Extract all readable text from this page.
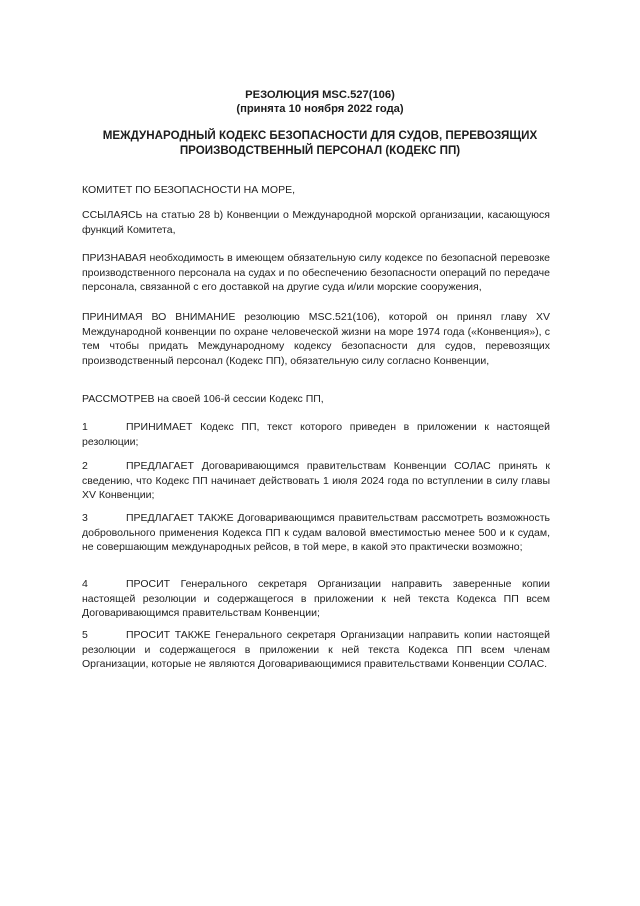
РЕЗОЛЮЦИЯ MSC.527(106)
(принята 10 ноября 2022 года)
МЕЖДУНАРОДНЫЙ КОДЕКС БЕЗОПАСНОСТИ ДЛЯ СУДОВ, ПЕРЕВОЗЯЩИХ
ПРОИЗВОДСТВЕННЫЙ ПЕРСОНАЛ (КОДЕКС ПП)
КОМИТЕТ ПО БЕЗОПАСНОСТИ НА МОРЕ,
ССЫЛАЯСЬ на статью 28 b) Конвенции о Международной морской организации, касающуюся функций Комитета,
ПРИЗНАВАЯ необходимость в имеющем обязательную силу кодексе по безопасной перевозке производственного персонала на судах и по обеспечению безопасности операций по передаче персонала, связанной с его доставкой на другие суда и/или морские сооружения,
ПРИНИМАЯ ВО ВНИМАНИЕ резолюцию MSC.521(106), которой он принял главу XV Международной конвенции по охране человеческой жизни на море 1974 года («Конвенция»), с тем чтобы придать Международному кодексу безопасности для судов, перевозящих производственный персонал (Кодекс ПП), обязательную силу согласно Конвенции,
РАССМОТРЕВ на своей 106-й сессии Кодекс ПП,
1	ПРИНИМАЕТ Кодекс ПП, текст которого приведен в приложении к настоящей резолюции;
2	ПРЕДЛАГАЕТ Договаривающимся правительствам Конвенции СОЛАС принять к сведению, что Кодекс ПП начинает действовать 1 июля 2024 года по вступлении в силу главы XV Конвенции;
3	ПРЕДЛАГАЕТ ТАКЖЕ Договаривающимся правительствам рассмотреть возможность добровольного применения Кодекса ПП к судам валовой вместимостью менее 500 и к судам, не совершающим международных рейсов, в той мере, в какой это практически возможно;
4	ПРОСИТ Генерального секретаря Организации направить заверенные копии настоящей резолюции и содержащегося в приложении к ней текста Кодекса ПП всем Договаривающимся правительствам Конвенции;
5	ПРОСИТ ТАКЖЕ Генерального секретаря Организации направить копии настоящей резолюции и содержащегося в приложении к ней текста Кодекса ПП всем членам Организации, которые не являются Договаривающимися правительствами Конвенции СОЛАС.
